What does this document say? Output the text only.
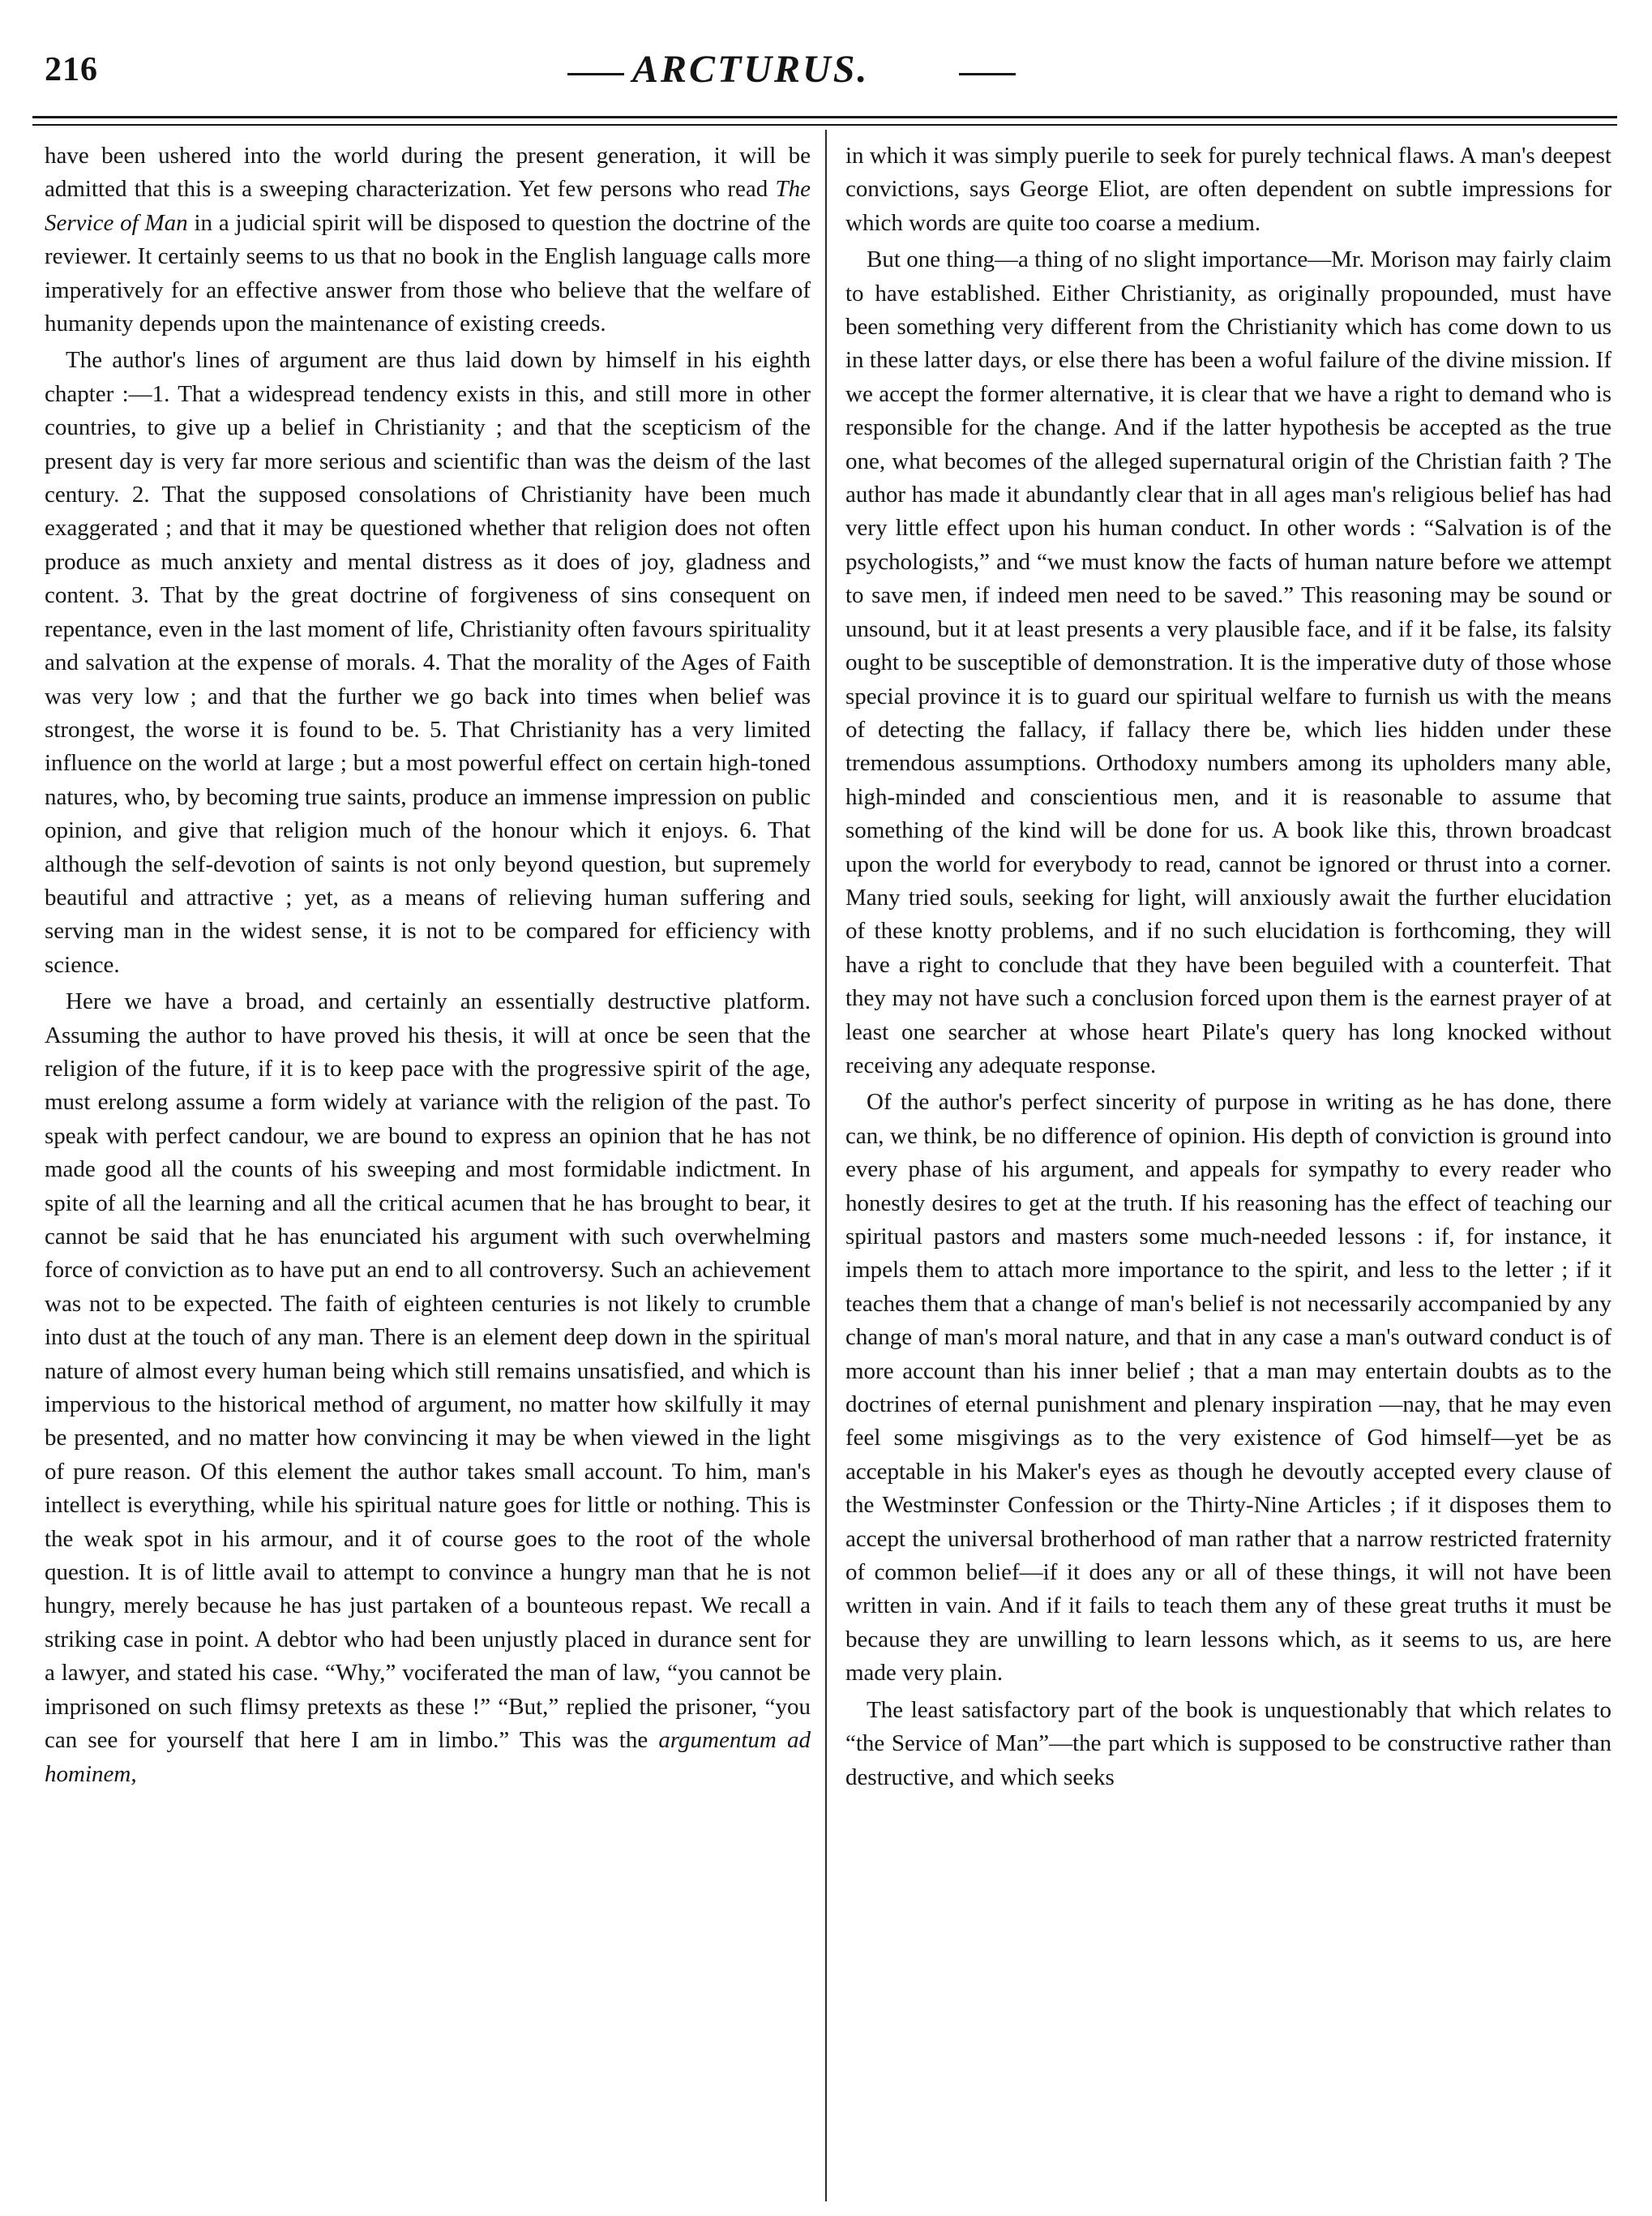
216	ARCTURUS.

have been ushered into the world during the present generation, it will be admitted that this is a sweeping characterization. Yet few persons who read The Service of Man in a judicial spirit will be disposed to question the doctrine of the reviewer. It certainly seems to us that no book in the English language calls more imperatively for an effective answer from those who believe that the welfare of humanity depends upon the maintenance of existing creeds.

The author's lines of argument are thus laid down by himself in his eighth chapter :—1. That a widespread tendency exists in this, and still more in other countries, to give up a belief in Christianity ; and that the scepticism of the present day is very far more serious and scientific than was the deism of the last century. 2. That the supposed consolations of Christianity have been much exaggerated ; and that it may be questioned whether that religion does not often produce as much anxiety and mental distress as it does of joy, gladness and content. 3. That by the great doctrine of forgiveness of sins consequent on repentance, even in the last moment of life, Christianity often favours spirituality and salvation at the expense of morals. 4. That the morality of the Ages of Faith was very low ; and that the further we go back into times when belief was strongest, the worse it is found to be. 5. That Christianity has a very limited influence on the world at large ; but a most powerful effect on certain high-toned natures, who, by becoming true saints, produce an immense impression on public opinion, and give that religion much of the honour which it enjoys. 6. That although the self-devotion of saints is not only beyond question, but supremely beautiful and attractive ; yet, as a means of relieving human suffering and serving man in the widest sense, it is not to be compared for efficiency with science.

Here we have a broad, and certainly an essentially destructive platform. Assuming the author to have proved his thesis, it will at once be seen that the religion of the future, if it is to keep pace with the progressive spirit of the age, must erelong assume a form widely at variance with the religion of the past. To speak with perfect candour, we are bound to express an opinion that he has not made good all the counts of his sweeping and most formidable indictment. In spite of all the learning and all the critical acumen that he has brought to bear, it cannot be said that he has enunciated his argument with such overwhelming force of conviction as to have put an end to all controversy. Such an achievement was not to be expected. The faith of eighteen centuries is not likely to crumble into dust at the touch of any man. There is an element deep down in the spiritual nature of almost every human being which still remains unsatisfied, and which is impervious to the historical method of argument, no matter how skilfully it may be presented, and no matter how convincing it may be when viewed in the light of pure reason. Of this element the author takes small account. To him, man's intellect is everything, while his spiritual nature goes for little or nothing. This is the weak spot in his armour, and it of course goes to the root of the whole question. It is of little avail to attempt to convince a hungry man that he is not hungry, merely because he has just partaken of a bounteous repast. We recall a striking case in point. A debtor who had been unjustly placed in durance sent for a lawyer, and stated his case. “Why,” vociferated the man of law, “you cannot be imprisoned on such flimsy pretexts as these !” “But,” replied the prisoner, “you can see for yourself that here I am in limbo.” This was the argumentum ad hominem,

in which it was simply puerile to seek for purely technical flaws. A man's deepest convictions, says George Eliot, are often dependent on subtle impressions for which words are quite too coarse a medium.

But one thing—a thing of no slight importance—Mr. Morison may fairly claim to have established. Either Christianity, as originally propounded, must have been something very different from the Christianity which has come down to us in these latter days, or else there has been a woful failure of the divine mission. If we accept the former alternative, it is clear that we have a right to demand who is responsible for the change. And if the latter hypothesis be accepted as the true one, what becomes of the alleged supernatural origin of the Christian faith ? The author has made it abundantly clear that in all ages man's religious belief has had very little effect upon his human conduct. In other words : “Salvation is of the psychologists,” and “we must know the facts of human nature before we attempt to save men, if indeed men need to be saved.” This reasoning may be sound or unsound, but it at least presents a very plausible face, and if it be false, its falsity ought to be susceptible of demonstration. It is the imperative duty of those whose special province it is to guard our spiritual welfare to furnish us with the means of detecting the fallacy, if fallacy there be, which lies hidden under these tremendous assumptions. Orthodoxy numbers among its upholders many able, high-minded and conscientious men, and it is reasonable to assume that something of the kind will be done for us. A book like this, thrown broadcast upon the world for everybody to read, cannot be ignored or thrust into a corner. Many tried souls, seeking for light, will anxiously await the further elucidation of these knotty problems, and if no such elucidation is forthcoming, they will have a right to conclude that they have been beguiled with a counterfeit. That they may not have such a conclusion forced upon them is the earnest prayer of at least one searcher at whose heart Pilate's query has long knocked without receiving any adequate response.

Of the author's perfect sincerity of purpose in writing as he has done, there can, we think, be no difference of opinion. His depth of conviction is ground into every phase of his argument, and appeals for sympathy to every reader who honestly desires to get at the truth. If his reasoning has the effect of teaching our spiritual pastors and masters some much-needed lessons : if, for instance, it impels them to attach more importance to the spirit, and less to the letter ; if it teaches them that a change of man's belief is not necessarily accompanied by any change of man's moral nature, and that in any case a man's outward conduct is of more account than his inner belief ; that a man may entertain doubts as to the doctrines of eternal punishment and plenary inspiration —nay, that he may even feel some misgivings as to the very existence of God himself—yet be as acceptable in his Maker's eyes as though he devoutly accepted every clause of the Westminster Confession or the Thirty-Nine Articles ; if it disposes them to accept the universal brotherhood of man rather that a narrow restricted fraternity of common belief—if it does any or all of these things, it will not have been written in vain. And if it fails to teach them any of these great truths it must be because they are unwilling to learn lessons which, as it seems to us, are here made very plain.

The least satisfactory part of the book is unquestionably that which relates to “the Service of Man”—the part which is supposed to be constructive rather than destructive, and which seeks
